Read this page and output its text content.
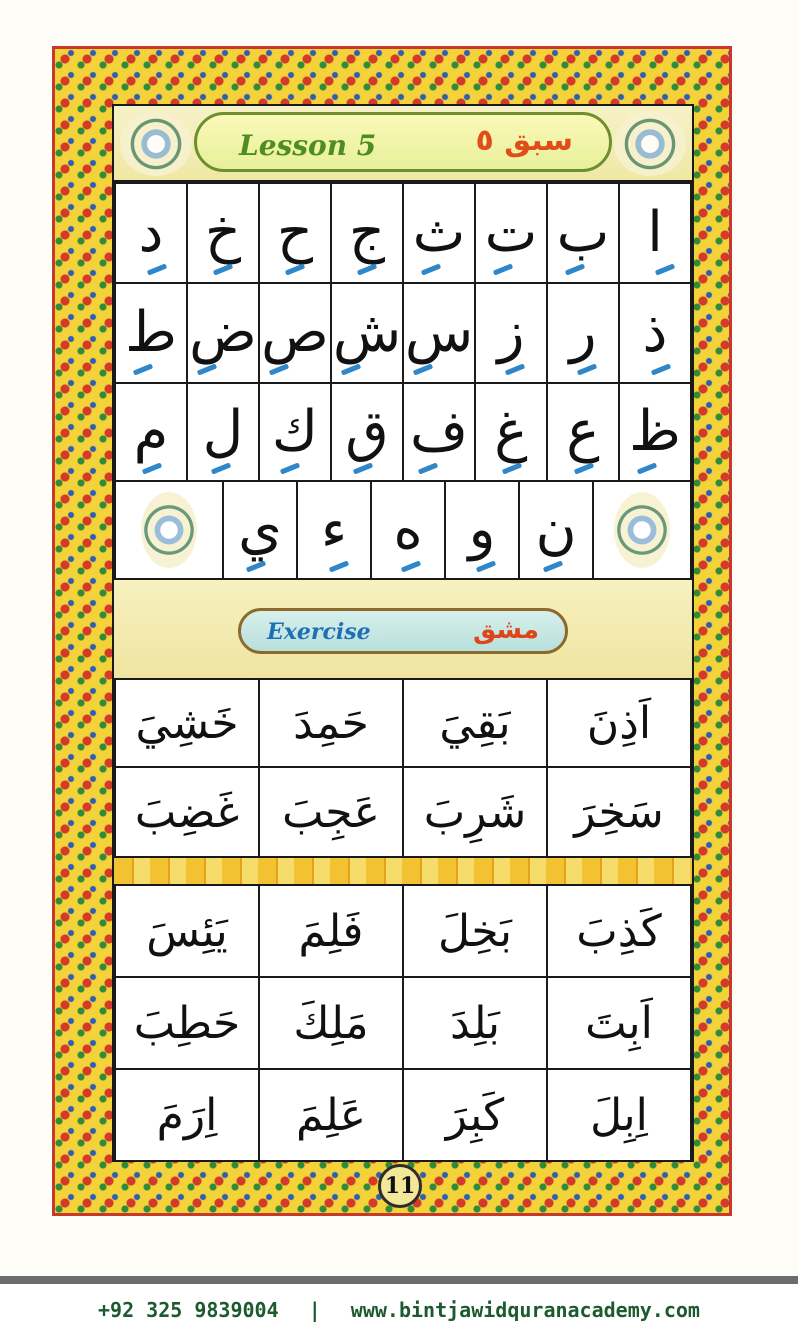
Lesson 5	سبق ٥
د خ ح ج ث ت ب ا
ط ض ص ش س ز ر ذ
م ل ك ق ف غ ع ظ
ي ء ه و ن
Exercise	مشق
خَشِيَ حَمِدَ بَقِيَ اَذِنَ
غَضِبَ عَجِبَ شَرِبَ سَخِرَ
يَئِسَ فَلِمَ بَخِلَ كَذِبَ
حَطِبَ مَلِكَ بَلِدَ اَبِتَ
اِرَمَ عَلِمَ كَبِرَ اِبِلَ
11
+92 325 9839004 | www.bintjawidquranacademy.com
